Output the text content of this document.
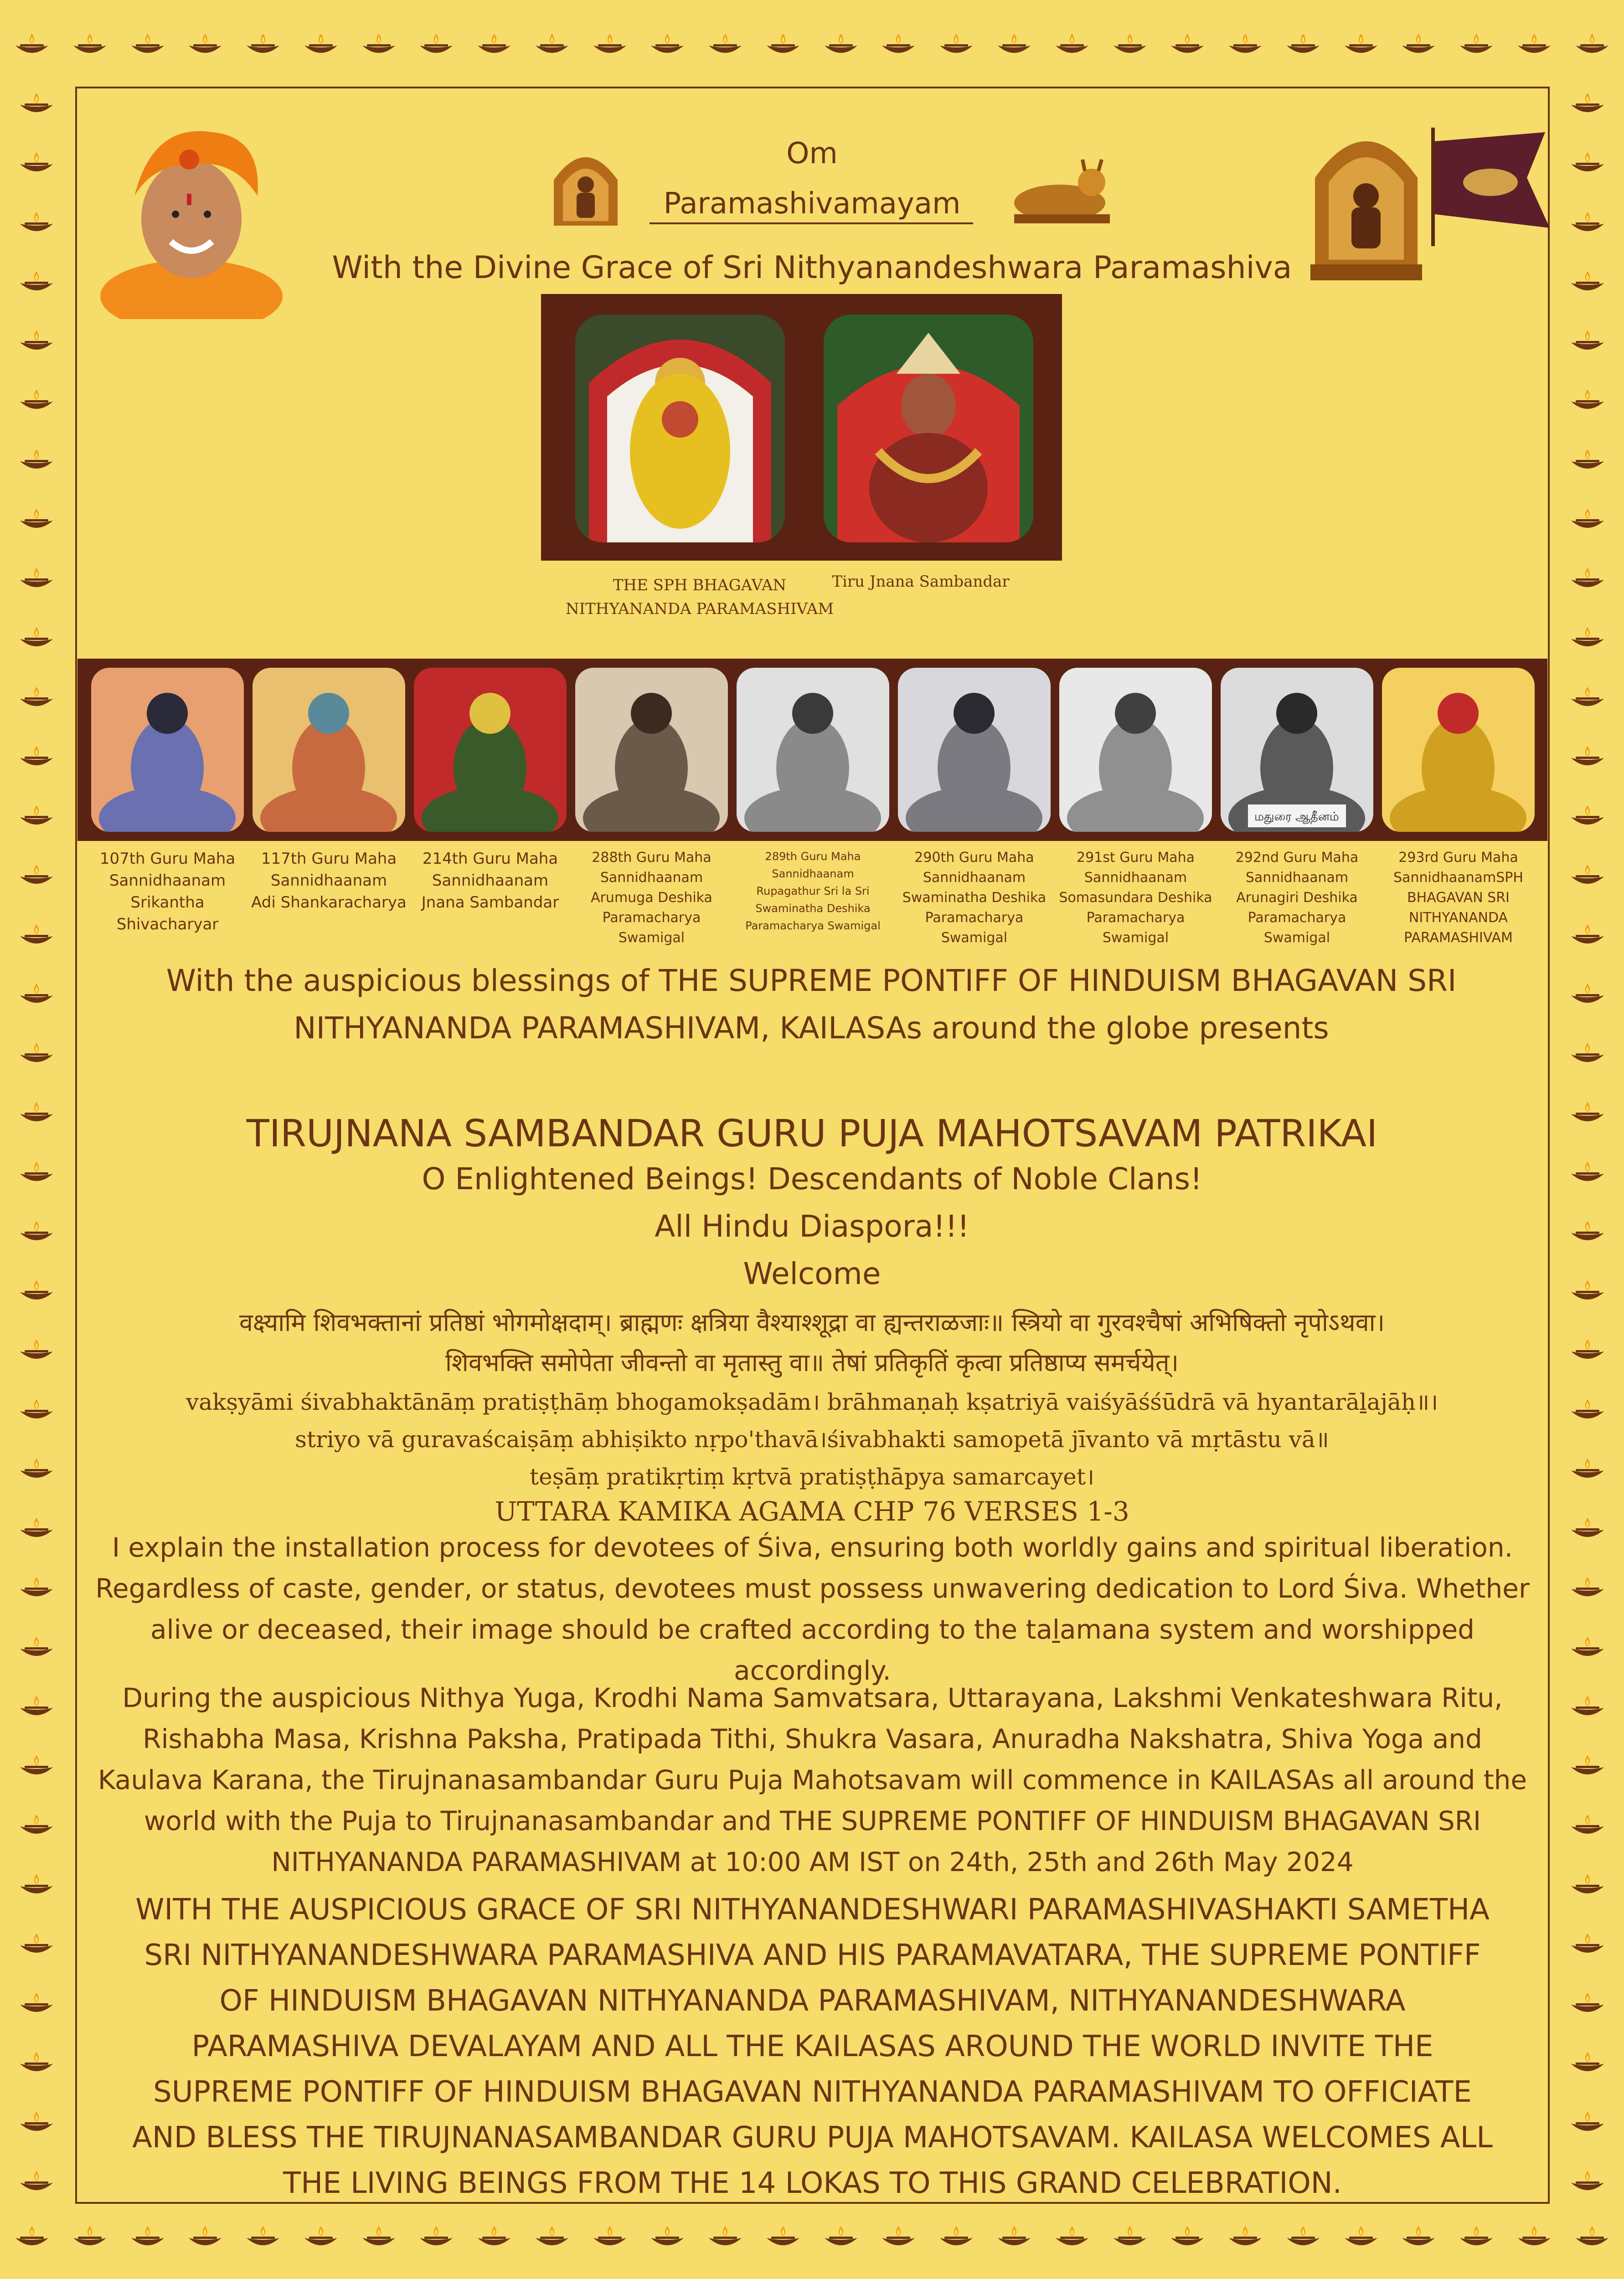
Om
Paramashivamayam
With the Divine Grace of Sri Nithyanandeshwara Paramashiva
THE SPH BHAGAVAN
NITHYANANDA PARAMASHIVAM
Tiru Jnana Sambandar
மதுரை ஆதீனம்
107th Guru Maha
Sannidhaanam
Srikantha
Shivacharyar
117th Guru Maha
Sannidhaanam
Adi Shankaracharya
214th Guru Maha
Sannidhaanam
Jnana Sambandar
288th Guru Maha
Sannidhaanam
Arumuga Deshika
Paramacharya Swamigal
289th Guru Maha
Sannidhaanam
Rupagathur Sri la Sri
Swaminatha Deshika
Paramacharya Swamigal
290th Guru Maha
Sannidhaanam
Swaminatha Deshika
Paramacharya Swamigal
291st Guru Maha
Sannidhaanam
Somasundara Deshika
Paramacharya Swamigal
292nd Guru Maha
Sannidhaanam
Arunagiri Deshika
Paramacharya Swamigal
293rd Guru Maha
SannidhaanamSPH
BHAGAVAN SRI
NITHYANANDA
PARAMASHIVAM
With the auspicious blessings of THE SUPREME PONTIFF OF HINDUISM BHAGAVAN SRI
NITHYANANDA PARAMASHIVAM, KAILASAs around the globe presents
TIRUJNANA SAMBANDAR GURU PUJA MAHOTSAVAM PATRIKAI
O Enlightened Beings! Descendants of Noble Clans!
All Hindu Diaspora!!!
Welcome
वक्ष्यामि शिवभक्तानां प्रतिष्ठां भोगमोक्षदाम्। ब्राह्मणः क्षत्रिया वैश्याश्शूद्रा वा ह्यन्तराळजाः॥ स्त्रियो वा गुरवश्चैषां अभिषिक्तो नृपोऽथवा।
शिवभक्ति समोपेता जीवन्तो वा मृतास्तु वा॥ तेषां प्रतिकृतिं कृत्वा प्रतिष्ठाप्य समर्चयेत्।
vakṣyāmi śivabhaktānāṃ pratiṣṭhāṃ bhogamokṣadām। brāhmaṇaḥ kṣatriyā vaiśyāśśūdrā vā hyantarāḻajāḥ॥।
striyo vā guravaścaiṣāṃ abhiṣikto nṛpo'thavā।śivabhakti samopetā jīvanto vā mṛtāstu vā॥
teṣāṃ pratikṛtiṃ kṛtvā pratiṣṭhāpya samarcayet।
UTTARA KAMIKA AGAMA CHP 76 VERSES 1-3
I explain the installation process for devotees of Śiva, ensuring both worldly gains and spiritual liberation.
Regardless of caste, gender, or status, devotees must possess unwavering dedication to Lord Śiva. Whether
alive or deceased, their image should be crafted according to the taḻamana system and worshipped
accordingly.
During the auspicious Nithya Yuga, Krodhi Nama Samvatsara, Uttarayana, Lakshmi Venkateshwara Ritu,
Rishabha Masa, Krishna Paksha, Pratipada Tithi, Shukra Vasara, Anuradha Nakshatra, Shiva Yoga and
Kaulava Karana, the Tirujnanasambandar Guru Puja Mahotsavam will commence in KAILASAs all around the
world with the Puja to Tirujnanasambandar and THE SUPREME PONTIFF OF HINDUISM BHAGAVAN SRI
NITHYANANDA PARAMASHIVAM at 10:00 AM IST on 24th, 25th and 26th May 2024
WITH THE AUSPICIOUS GRACE OF SRI NITHYANANDESHWARI PARAMASHIVASHAKTI SAMETHA
SRI NITHYANANDESHWARA PARAMASHIVA AND HIS PARAMAVATARA, THE SUPREME PONTIFF
OF HINDUISM BHAGAVAN NITHYANANDA PARAMASHIVAM, NITHYANANDESHWARA
PARAMASHIVA DEVALAYAM AND ALL THE KAILASAS AROUND THE WORLD INVITE THE
SUPREME PONTIFF OF HINDUISM BHAGAVAN NITHYANANDA PARAMASHIVAM TO OFFICIATE
AND BLESS THE TIRUJNANASAMBANDAR GURU PUJA MAHOTSAVAM. KAILASA WELCOMES ALL
THE LIVING BEINGS FROM THE 14 LOKAS TO THIS GRAND CELEBRATION.
